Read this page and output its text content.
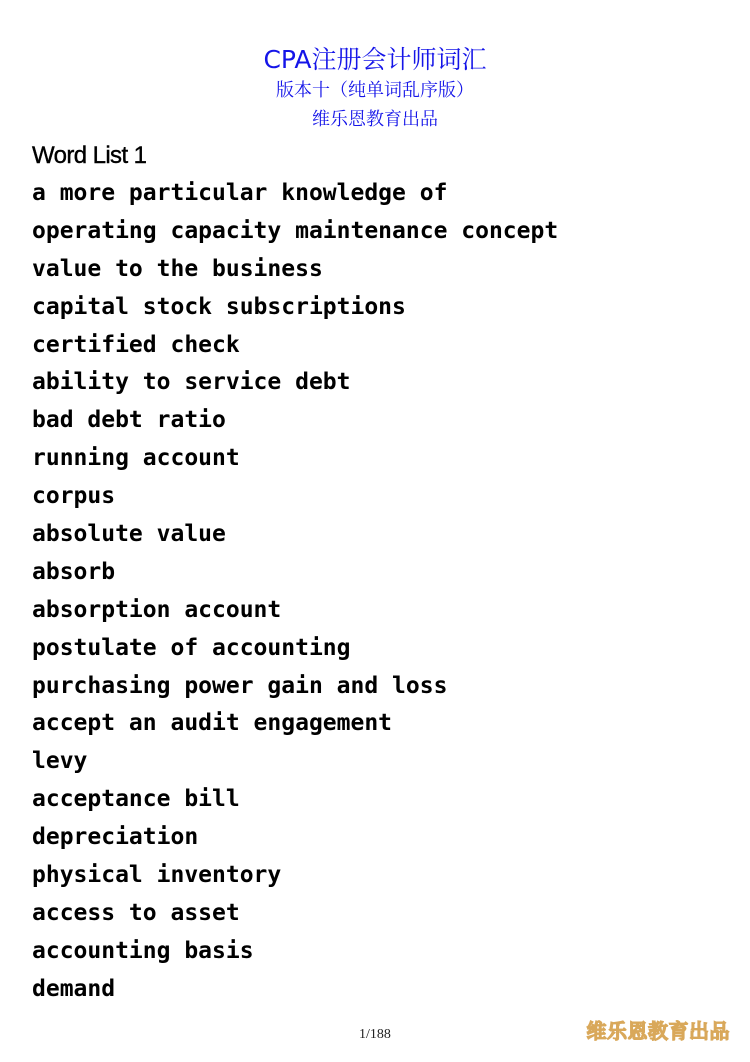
CPA注册会计师词汇
版本十（纯单词乱序版）
维乐恩教育出品
Word List 1
a more particular knowledge of
operating capacity maintenance concept
value to the business
capital stock subscriptions
certified check
ability to service debt
bad debt ratio
running account
corpus
absolute value
absorb
absorption account
postulate of accounting
purchasing power gain and loss
accept an audit engagement
levy
acceptance bill
depreciation
physical inventory
access to asset
accounting basis
demand
1/188	维乐恩教育出品
